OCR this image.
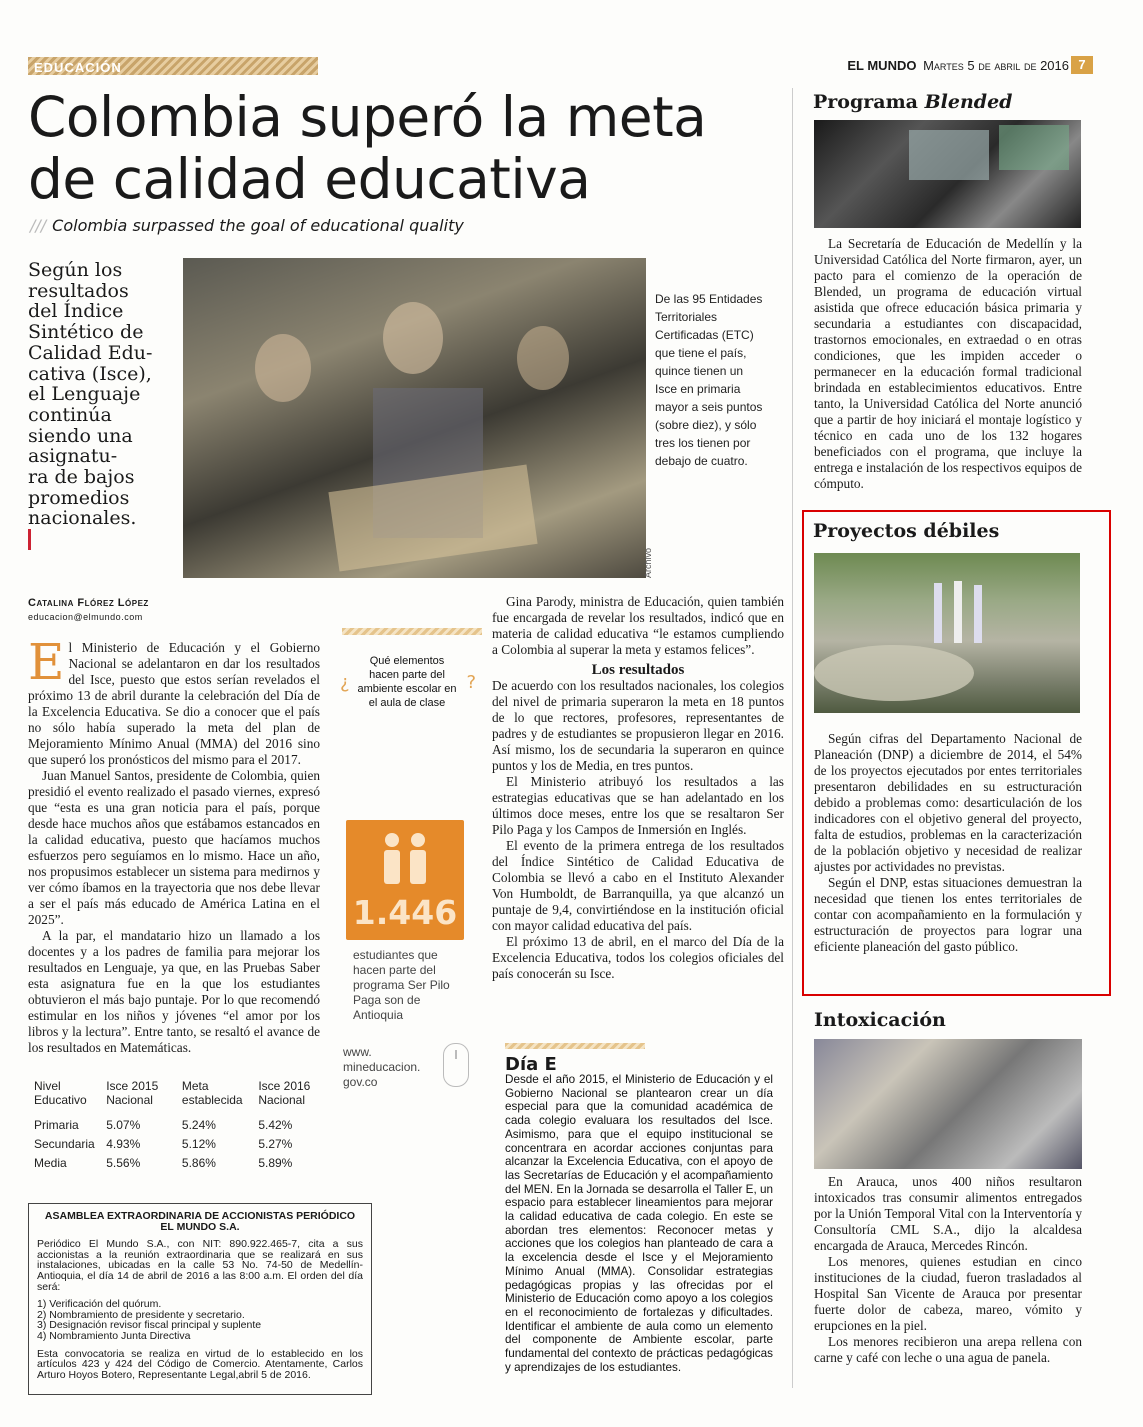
EDUCACIÓN	EL MUNDO Martes 5 de abril de 2016 7
Colombia superó la meta
de calidad educativa
/// Colombia surpassed the goal of educational quality

Según los
resultados
del Índice
Sintético de
Calidad Edu-
cativa (Isce),
el Lenguaje
continúa
siendo una
asignatu-
ra de bajos
promedios
nacionales.

De las 95 Entidades Territoriales Certificadas (ETC) que tiene el país, quince tienen un Isce en primaria mayor a seis puntos (sobre diez), y sólo tres los tienen por debajo de cuatro.
Archivo
Catalina Flórez López
educacion@elmundo.com

El Ministerio de Educación y el Gobierno Nacional se adelantaron en dar los resultados del Isce, puesto que estos serían revelados el próximo 13 de abril durante la celebración del Día de la Excelencia Educativa. Se dio a conocer que el país no sólo había superado la meta del plan de Mejoramiento Mínimo Anual (MMA) del 2016 sino que superó los pronósticos del mismo para el 2017.

Juan Manuel Santos, presidente de Colombia, quien presidió el evento realizado el pasado viernes, expresó que “esta es una gran noticia para el país, porque desde hace muchos años que estábamos estancados en la calidad educativa, puesto que hacíamos muchos esfuerzos pero seguíamos en lo mismo. Hace un año, nos propusimos establecer un sistema para medirnos y ver cómo íbamos en la trayectoria que nos debe llevar a ser el país más educado de América Latina en el 2025”.

A la par, el mandatario hizo un llamado a los docentes y a los padres de familia para mejorar los resultados en Lenguaje, ya que, en las Pruebas Saber esta asignatura fue en la que los estudiantes obtuvieron el más bajo puntaje. Por lo que recomendó estimular en los niños y jóvenes “el amor por los libros y la lectura”. Entre tanto, se resaltó el avance de los resultados en Matemáticas.

¿	?
Qué elementos hacen parte del ambiente escolar en el aula de clase
1.446
estudiantes que hacen parte del programa Ser Pilo Paga son de Antioquia
www. mineducacion. gov.co

Gina Parody, ministra de Educación, quien también fue encargada de revelar los resultados, indicó que en materia de calidad educativa “le estamos cumpliendo a Colombia al superar la meta y estamos felices”.

Los resultados

De acuerdo con los resultados nacionales, los colegios del nivel de primaria superaron la meta en 18 puntos de lo que rectores, profesores, representantes de padres y de estudiantes se propusieron llegar en 2016. Así mismo, los de secundaria la superaron en quince puntos y los de Media, en tres puntos.

El Ministerio atribuyó los resultados a las estrategias educativas que se han adelantado en los últimos doce meses, entre los que se resaltaron Ser Pilo Paga y los Campos de Inmersión en Inglés.

El evento de la primera entrega de los resultados del Índice Sintético de Calidad Educativa de Colombia se llevó a cabo en el Instituto Alexander Von Humboldt, de Barranquilla, ya que alcanzó un puntaje de 9,4, convirtiéndose en la institución oficial con mayor calidad educativa del país.

El próximo 13 de abril, en el marco del Día de la Excelencia Educativa, todos los colegios oficiales del país conocerán su Isce.

Nivel Educativo	Isce 2015 Nacional	Meta establecida	Isce 2016 Nacional
Primaria	5.07%	5.24%	5.42%
Secundaria	4.93%	5.12%	5.27%
Media	5.56%	5.86%	5.89%
ASAMBLEA EXTRAORDINARIA DE ACCIONISTAS PERIÓDICO EL MUNDO S.A.

Periódico El Mundo S.A., con NIT: 890.922.465-7, cita a sus accionistas a la reunión extraordinaria que se realizará en sus instalaciones, ubicadas en la calle 53 No. 74-50 de Medellín-Antioquia, el día 14 de abril de 2016 a las 8:00 a.m. El orden del día será:

1) Verificación del quórum.
2) Nombramiento de presidente y secretario.
3) Designación revisor fiscal principal y suplente
4) Nombramiento Junta Directiva

Esta convocatoria se realiza en virtud de lo establecido en los artículos 423 y 424 del Código de Comercio. Atentamente, Carlos Arturo Hoyos Botero, Representante Legal,abril 5 de 2016.

Día E
Desde el año 2015, el Ministerio de Educación y el Gobierno Nacional se plantearon crear un día especial para que la comunidad académica de cada colegio evaluara los resultados del Isce. Asimismo, para que el equipo institucional se concentrara en acordar acciones conjuntas para alcanzar la Excelencia Educativa, con el apoyo de las Secretarías de Educación y el acompañamiento del MEN. En la Jornada se desarrolla el Taller E, un espacio para establecer lineamientos para mejorar la calidad educativa de cada colegio. En este se abordan tres elementos: Reconocer metas y acciones que los colegios han planteado de cara a la excelencia desde el Isce y el Mejoramiento Mínimo Anual (MMA). Consolidar estrategias pedagógicas propias y las ofrecidas por el Ministerio de Educación como apoyo a los colegios en el reconocimiento de fortalezas y dificultades. Identificar el ambiente de aula como un elemento del componente de Ambiente escolar, parte fundamental del contexto de prácticas pedagógicas y aprendizajes de los estudiantes.
Programa Blended

La Secretaría de Educación de Medellín y la Universidad Católica del Norte firmaron, ayer, un pacto para el comienzo de la operación de Blended, un programa de educación virtual asistida que ofrece educación básica primaria y secundaria a estudiantes con discapacidad, trastornos emocionales, en extraedad o en otras condiciones, que les impiden acceder o permanecer en la educación formal tradicional brindada en establecimientos educativos. Entre tanto, la Universidad Católica del Norte anunció que a partir de hoy iniciará el montaje logístico y técnico en cada uno de los 132 hogares beneficiados con el programa, que incluye la entrega e instalación de los respectivos equipos de cómputo.

Proyectos débiles

Según cifras del Departamento Nacional de Planeación (DNP) a diciembre de 2014, el 54% de los proyectos ejecutados por entes territoriales presentaron debilidades en su estructuración debido a problemas como: desarticulación de los indicadores con el objetivo general del proyecto, falta de estudios, problemas en la caracterización de la población objetivo y necesidad de realizar ajustes por actividades no previstas.

Según el DNP, estas situaciones demuestran la necesidad que tienen los entes territoriales de contar con acompañamiento en la formulación y estructuración de proyectos para lograr una eficiente planeación del gasto público.

Intoxicación

En Arauca, unos 400 niños resultaron intoxicados tras consumir alimentos entregados por la Unión Temporal Vital con la Interventoría y Consultoría CML S.A., dijo la alcaldesa encargada de Arauca, Mercedes Rincón.

Los menores, quienes estudian en cinco instituciones de la ciudad, fueron trasladados al Hospital San Vicente de Arauca por presentar fuerte dolor de cabeza, mareo, vómito y erupciones en la piel.

Los menores recibieron una arepa rellena con carne y café con leche o una agua de panela.
